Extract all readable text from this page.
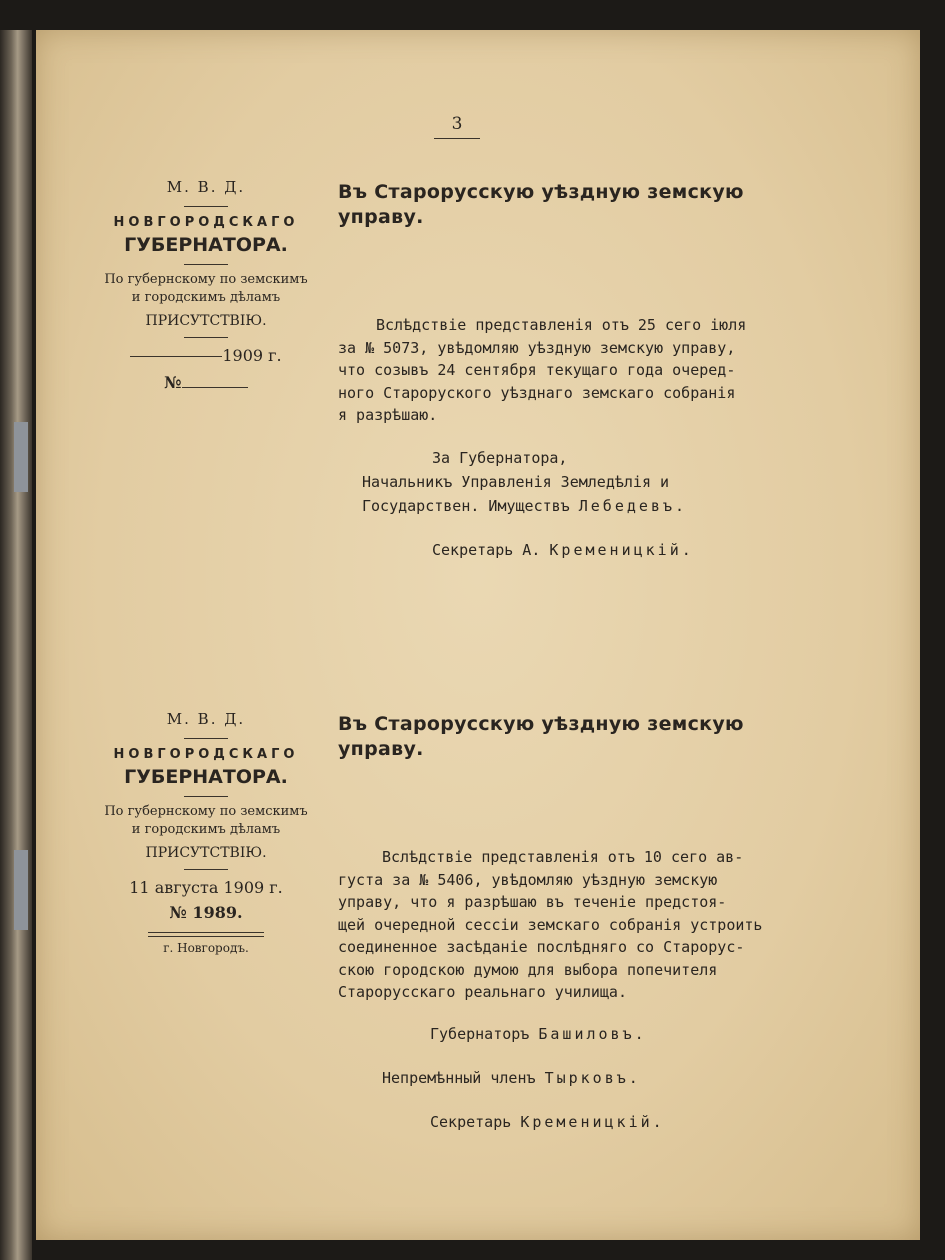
3
М. В. Д.
НОВГОРОДСКАГО
ГУБЕРНАТОРА.
По губернскому по земскимъ
и городскимъ дѣламъ
ПРИСУТСТВІЮ.
1909 г.
№
Въ Старорусскую уѣздную земскую
управу.
Вслѣдствіе представленія отъ 25 сего іюля
за № 5073, увѣдомляю уѣздную земскую управу,
что созывъ 24 сентября текущаго года очеред-
ного Староруского уѣзднаго земскаго собранія
я разрѣшаю.
За Губернатора,
Начальникъ Управленія Земледѣлія и
Государствен. Имуществъ Лебедевъ.
Секретарь А. Кременицкій.
М. В. Д.
НОВГОРОДСКАГО
ГУБЕРНАТОРА.
По губернскому по земскимъ
и городскимъ дѣламъ
ПРИСУТСТВІЮ.
11 августа 1909 г.
№ 1989.
г. Новгородъ.
Въ Старорусскую уѣздную земскую
управу.
Вслѣдствіе представленія отъ 10 сего ав-
густа за № 5406, увѣдомляю уѣздную земскую
управу, что я разрѣшаю въ теченіе предстоя-
щей очередной сессіи земскаго собранія устроить
соединенное засѣданіе послѣдняго со Старорус-
скою городскою думою для выбора попечителя
Старорусскаго реальнаго училища.
Губернаторъ Башиловъ.
Непремѣнный членъ Тырковъ.
Секретарь Кременицкій.
